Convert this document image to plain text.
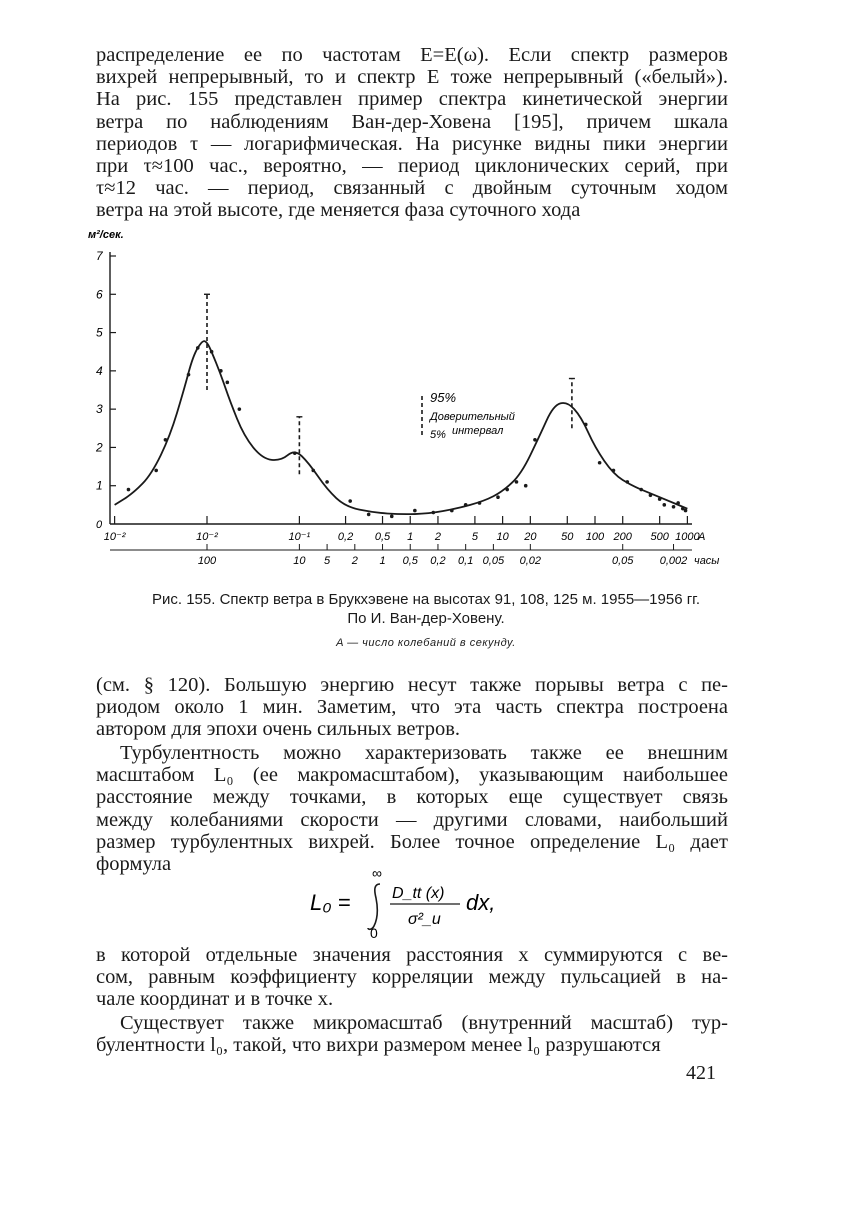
распределение ее по частотам E=E(ω). Если спектр размеров
вихрей непрерывный, то и спектр E тоже непрерывный («белый»).
На рис. 155 представлен пример спектра кинетической энергии
ветра по наблюдениям Ван-дер-Ховена [195], причем шкала
периодов τ — логарифмическая. На рисунке видны пики энергии
при τ≈100 час., вероятно, — период циклонических серий, при
τ≈12 час. — период, связанный с двойным суточным ходом
ветра на этой высоте, где меняется фаза суточного хода

м²/сек.
1
2
3
4
5
6
7
0
10⁻²	10⁻²	10⁻¹	0,2 0,5 1 2	5 10 20 50 100 200 500 1000
A
100	10 5 2 1 0,5 0,2 0,1 0,05 0,02	0,05 0,002 часы
95%
Доверительный
5% интервал
Рис. 155. Спектр ветра в Брукхэвене на высотах 91, 108, 125 м. 1955—1956 гг.
По И. Ван-дер-Ховену.
A — число колебаний в секунду.

(см. § 120). Большую энергию несут также порывы ветра с пе-
риодом около 1 мин. Заметим, что эта часть спектра построена
автором для эпохи очень сильных ветров.

Турбулентность можно характеризовать также ее внешним
масштабом L₀ (ее макромасштабом), указывающим наибольшее
расстояние между точками, в которых еще существует связь
между колебаниями скорости — другими словами, наибольший
размер турбулентных вихрей. Более точное определение L₀ дает
формула

L₀ =
∞
0
D_tt (x)
σ²_u
dx,

в которой отдельные значения расстояния x суммируются с ве-
сом, равным коэффициенту корреляции между пульсацией в на-
чале координат и в точке x.

Существует также микромасштаб (внутренний масштаб) тур-
булентности l₀, такой, что вихри размером менее l₀ разрушаются

421
